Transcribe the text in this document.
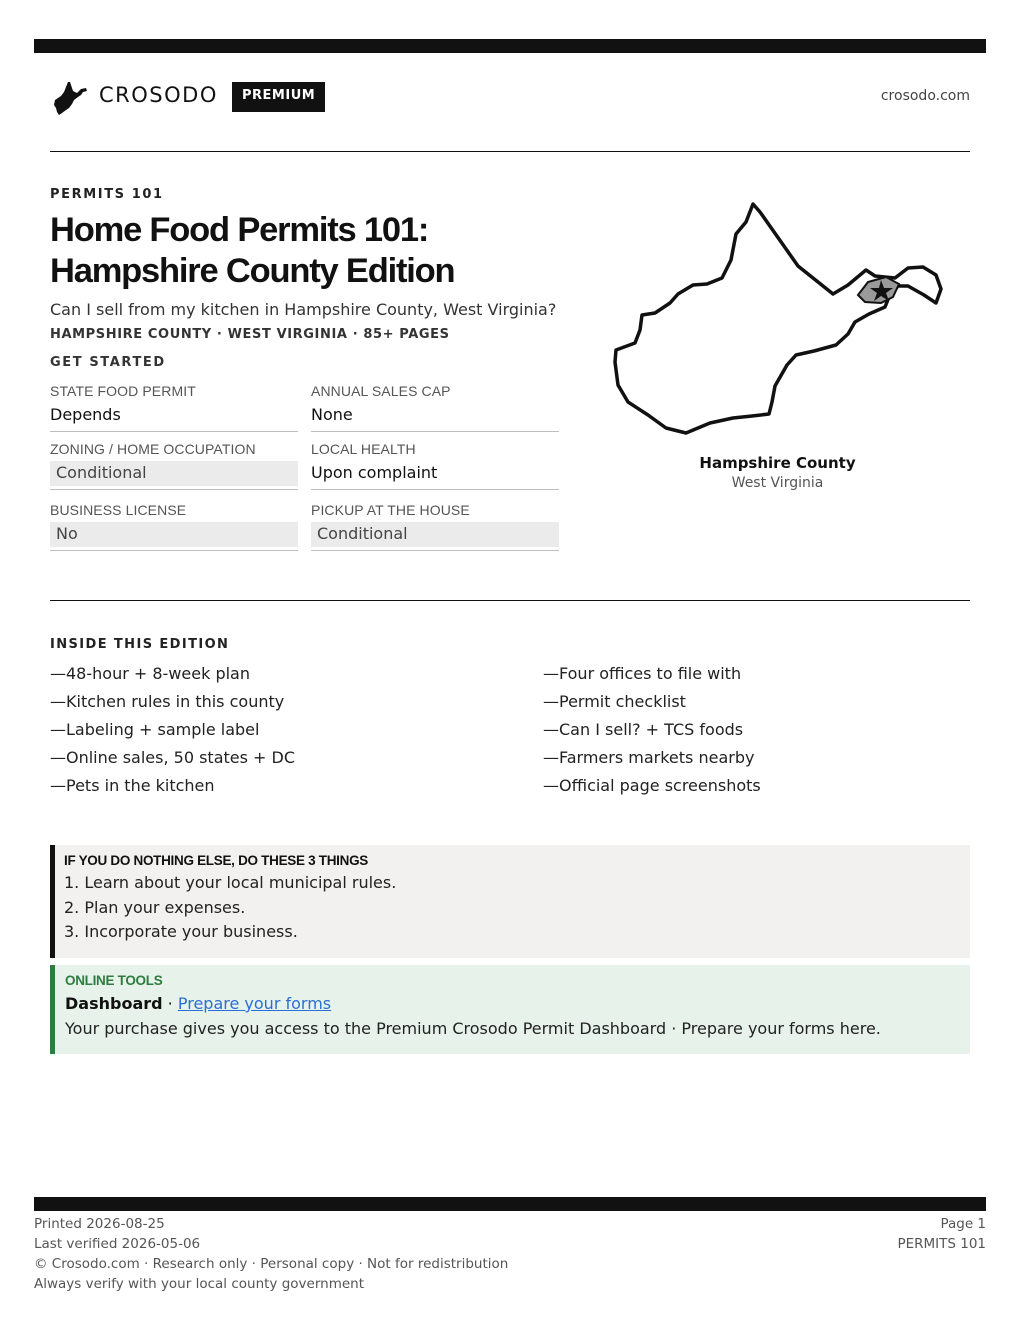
CROSODO	PREMIUM	crosodo.com
PERMITS 101
Home Food Permits 101:
Hampshire County Edition
Can I sell from my kitchen in Hampshire County, West Virginia?
HAMPSHIRE COUNTY · WEST VIRGINIA · 85+ PAGES
GET STARTED
STATE FOOD PERMIT
Depends
ANNUAL SALES CAP
None
ZONING / HOME OCCUPATION
Conditional
LOCAL HEALTH
Upon complaint
BUSINESS LICENSE
No
PICKUP AT THE HOUSE
Conditional
Hampshire County
West Virginia
INSIDE THIS EDITION
—48-hour + 8-week plan
—Kitchen rules in this county
—Labeling + sample label
—Online sales, 50 states + DC
—Pets in the kitchen
—Four offices to file with
—Permit checklist
—Can I sell? + TCS foods
—Farmers markets nearby
—Official page screenshots
IF YOU DO NOTHING ELSE, DO THESE 3 THINGS
1. Learn about your local municipal rules.
2. Plan your expenses.
3. Incorporate your business.
ONLINE TOOLS
Dashboard · Prepare your forms
Your purchase gives you access to the Premium Crosodo Permit Dashboard · Prepare your forms here.
Printed 2026-08-25
Last verified 2026-05-06
© Crosodo.com · Research only · Personal copy · Not for redistribution
Always verify with your local county government
Page 1
PERMITS 101
